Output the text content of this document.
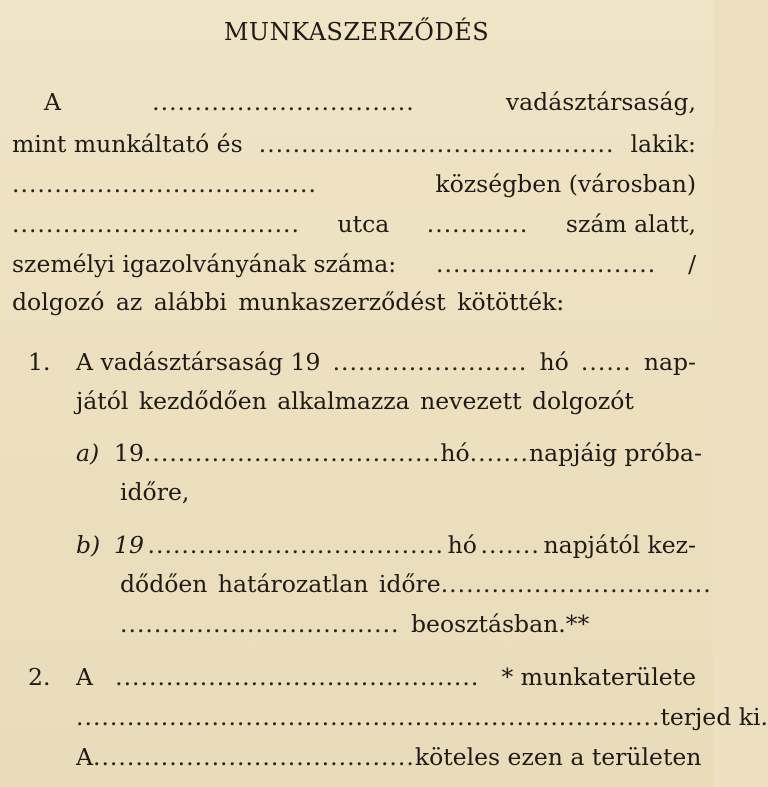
MUNKASZERZŐDÉS
A	...............................	vadásztársaság,
mint munkáltató és .......................................... lakik:
....................................	községben (városban)
.................................. utca ............ szám alatt,
személyi igazolványának száma: .......................... /
dolgozó az alábbi munkaszerződést kötötték:
1. A vadásztársaság 19 ....................... hó ...... nap-
jától kezdődően alkalmazza nevezett dolgozót
a) 19 ................................... hó ....... napjáig próba-
időre,
b) 19 ................................... hó ....... napjától kez-
dődően határozatlan időre ................................
................................. beosztásban.**
2. A ........................................... * munkaterülete
..................................................................... terjed ki.
A ...................................... köteles ezen a területen
